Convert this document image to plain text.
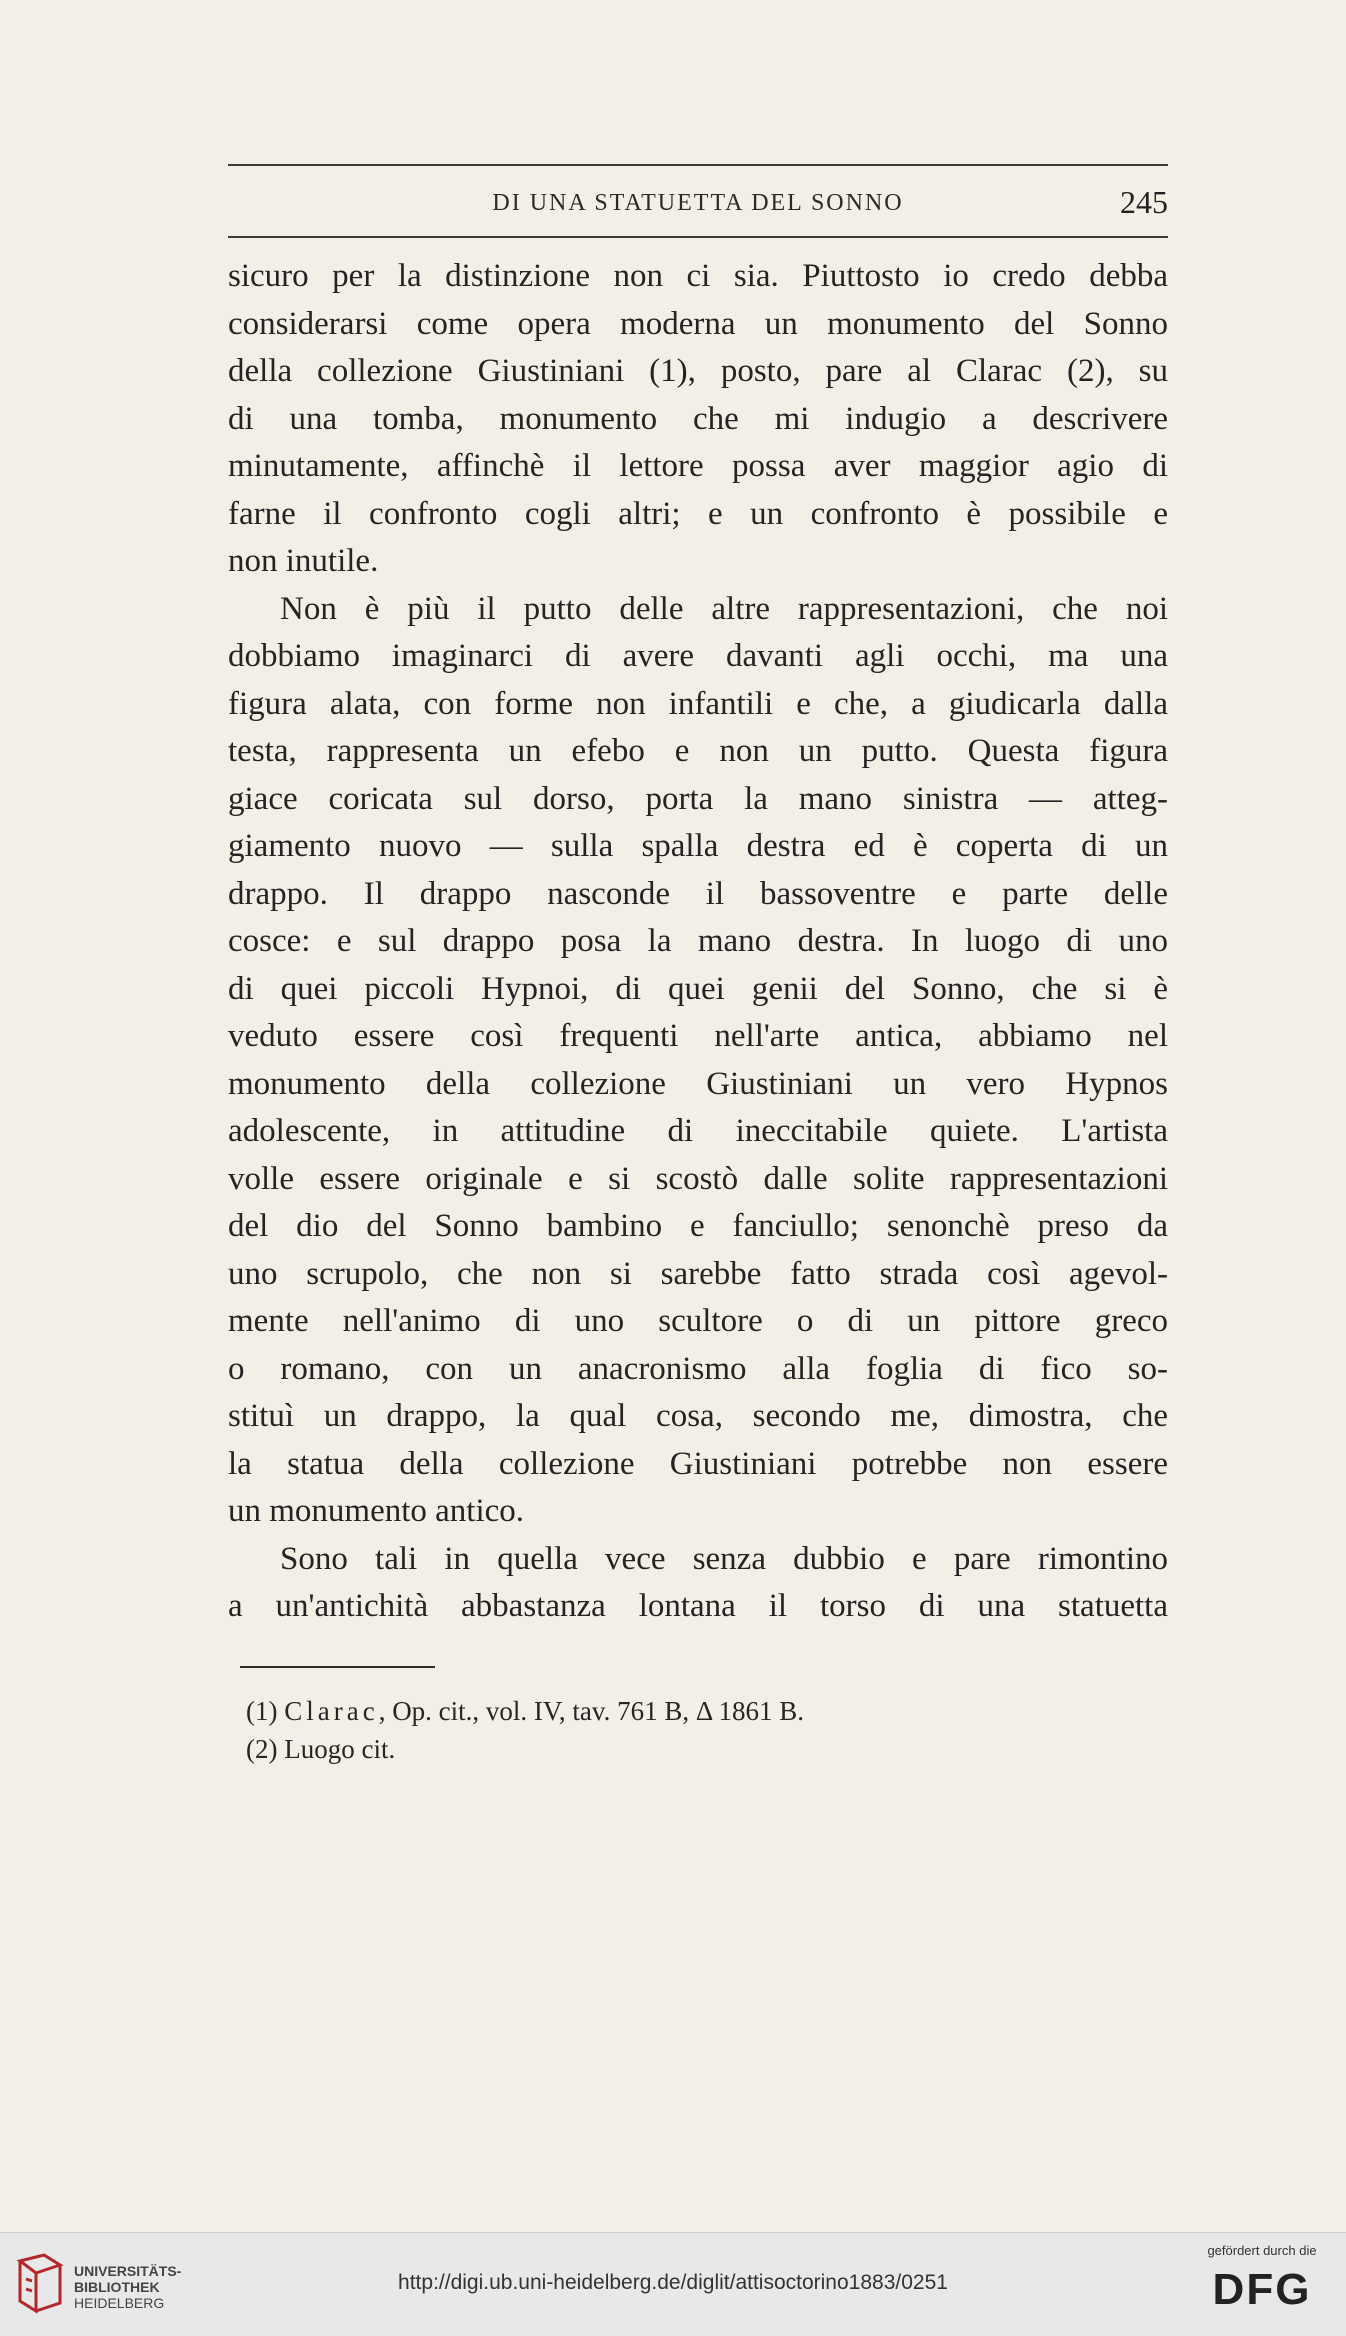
DI UNA STATUETTA DEL SONNO	245

sicuro per la distinzione non ci sia. Piuttosto io credo debba
considerarsi come opera moderna un monumento del Sonno
della collezione Giustiniani (1), posto, pare al Clarac (2), su
di una tomba, monumento che mi indugio a descrivere
minutamente, affinchè il lettore possa aver maggior agio di
farne il confronto cogli altri; e un confronto è possibile e
non inutile.

Non è più il putto delle altre rappresentazioni, che noi
dobbiamo imaginarci di avere davanti agli occhi, ma una
figura alata, con forme non infantili e che, a giudicarla dalla
testa, rappresenta un efebo e non un putto. Questa figura
giace coricata sul dorso, porta la mano sinistra — atteg-
giamento nuovo — sulla spalla destra ed è coperta di un
drappo. Il drappo nasconde il bassoventre e parte delle
cosce: e sul drappo posa la mano destra. In luogo di uno
di quei piccoli Hypnoi, di quei genii del Sonno, che si è
veduto essere così frequenti nell'arte antica, abbiamo nel
monumento della collezione Giustiniani un vero Hypnos
adolescente, in attitudine di ineccitabile quiete. L'artista
volle essere originale e si scostò dalle solite rappresentazioni
del dio del Sonno bambino e fanciullo; senonchè preso da
uno scrupolo, che non si sarebbe fatto strada così agevol-
mente nell'animo di uno scultore o di un pittore greco
o romano, con un anacronismo alla foglia di fico so-
stituì un drappo, la qual cosa, secondo me, dimostra, che
la statua della collezione Giustiniani potrebbe non essere
un monumento antico.

Sono tali in quella vece senza dubbio e pare rimontino
a un'antichità abbastanza lontana il torso di una statuetta

(1) Clarac, Op. cit., vol. IV, tav. 761 B, Δ 1861 B.
(2) Luogo cit.
UNIVERSITÄTS-
BIBLIOTHEK
HEIDELBERG
http://digi.ub.uni-heidelberg.de/diglit/attisoctorino1883/0251
gefördert durch die
DFG
